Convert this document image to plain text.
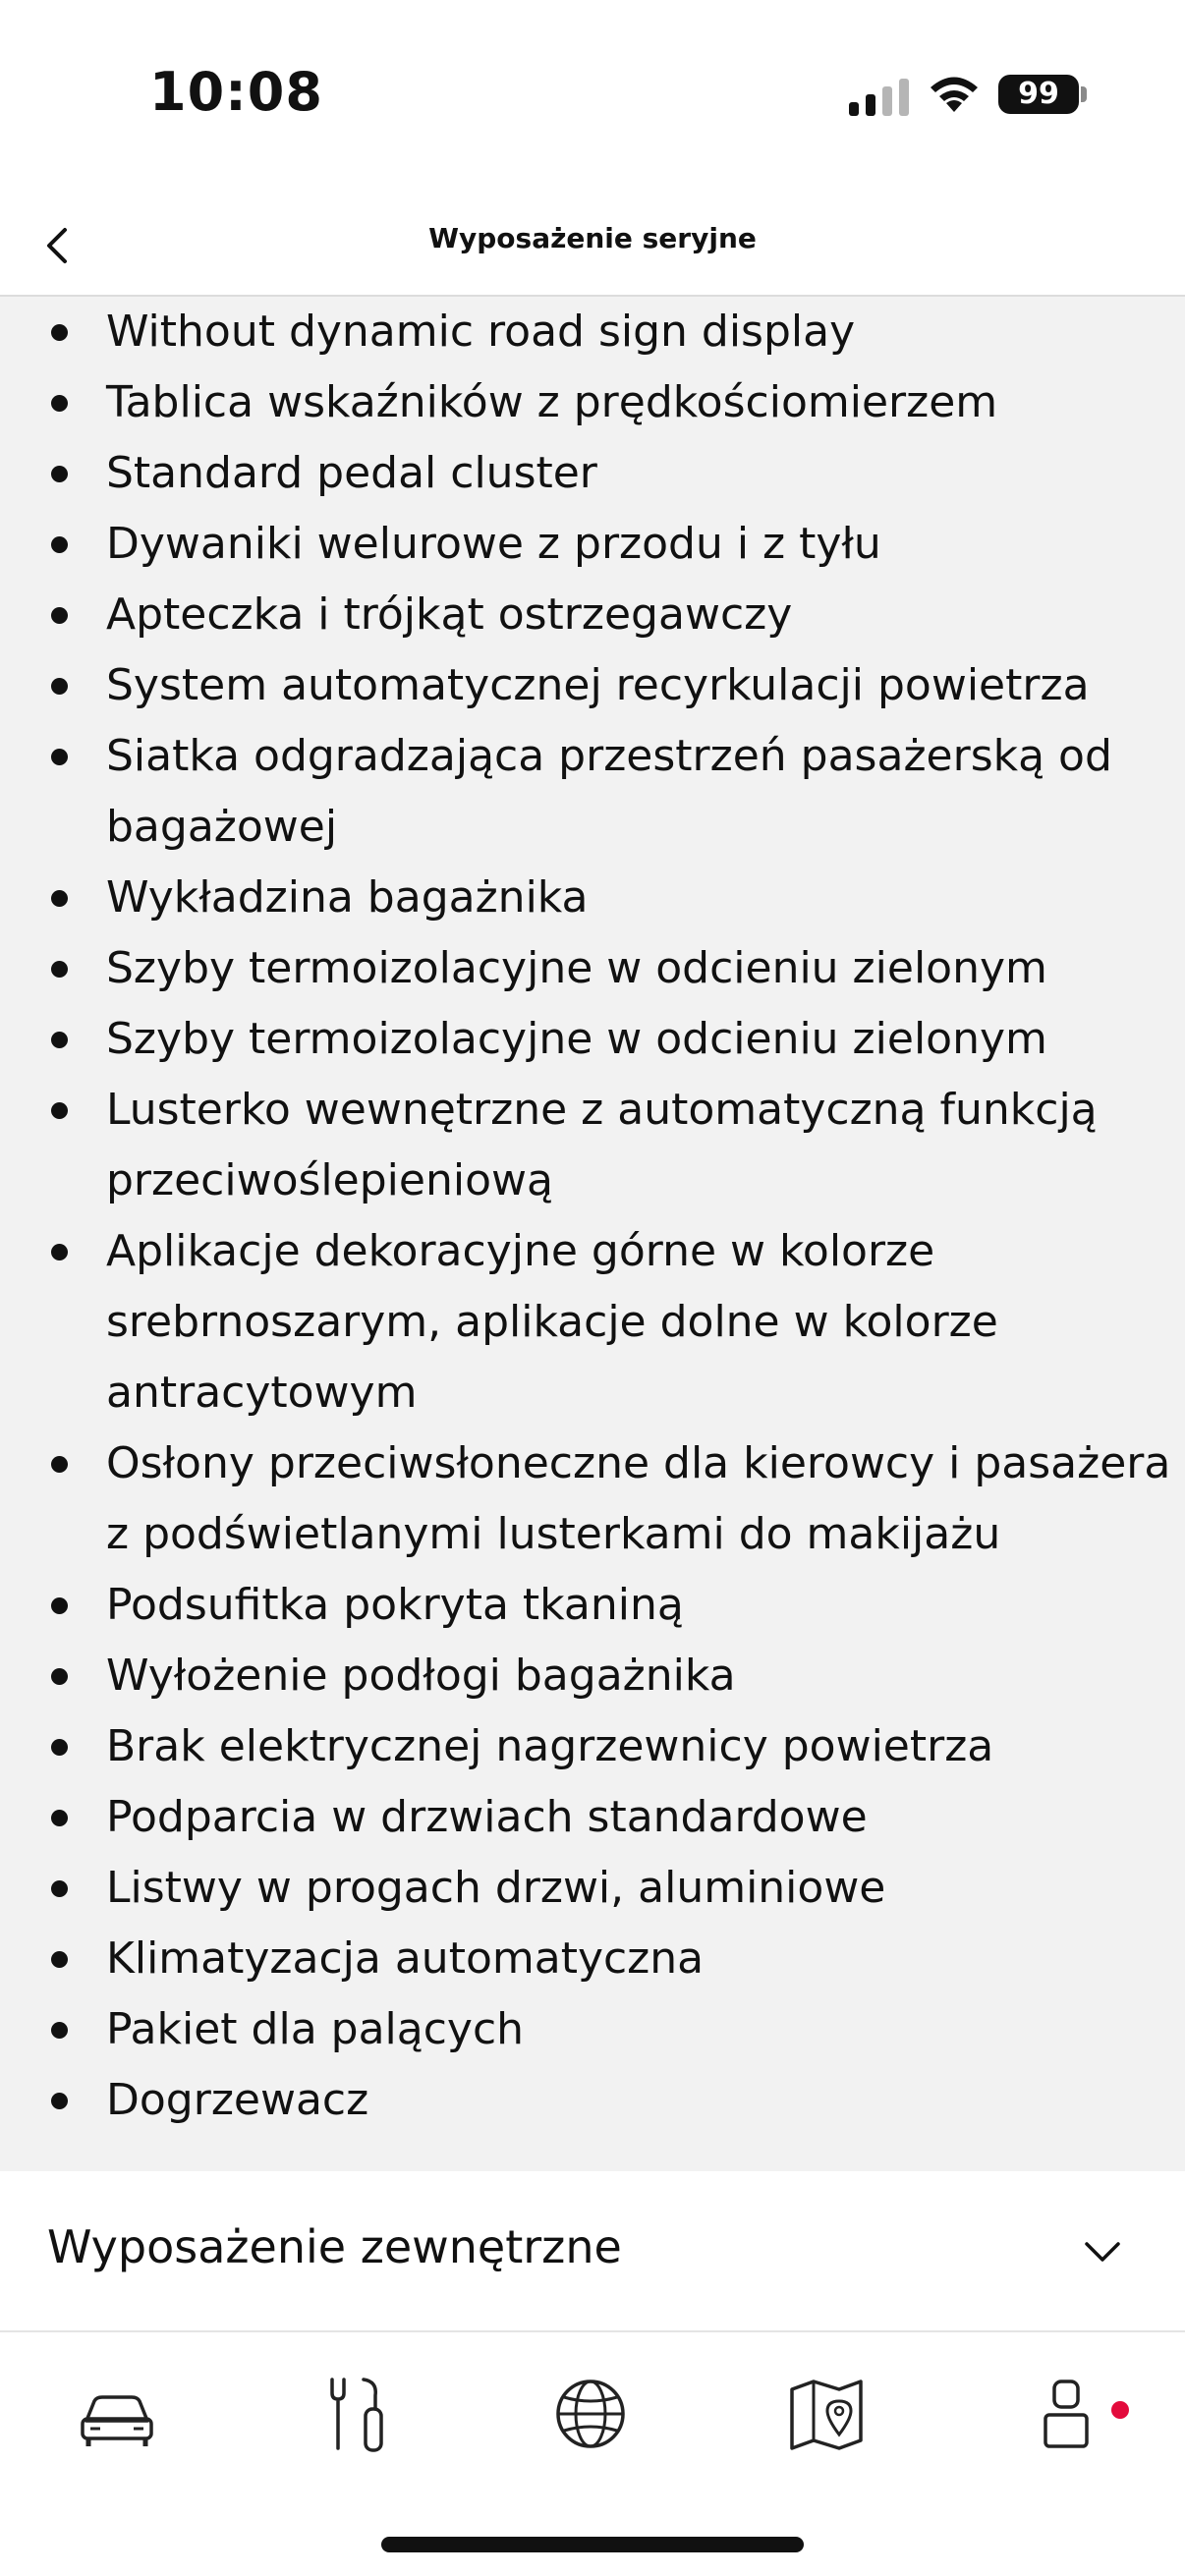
10:08	99
Wyposażenie seryjne
Without dynamic road sign display
Tablica wskaźników z prędkościomierzem
Standard pedal cluster
Dywaniki welurowe z przodu i z tyłu
Apteczka i trójkąt ostrzegawczy
System automatycznej recyrkulacji powietrza
Siatka odgradzająca przestrzeń pasażerską od
bagażowej
Wykładzina bagażnika
Szyby termoizolacyjne w odcieniu zielonym
Szyby termoizolacyjne w odcieniu zielonym
Lusterko wewnętrzne z automatyczną funkcją
przeciwoślepieniową
Aplikacje dekoracyjne górne w kolorze
srebrnoszarym, aplikacje dolne w kolorze
antracytowym
Osłony przeciwsłoneczne dla kierowcy i pasażera
z podświetlanymi lusterkami do makijażu
Podsufitka pokryta tkaniną
Wyłożenie podłogi bagażnika
Brak elektrycznej nagrzewnicy powietrza
Podparcia w drzwiach standardowe
Listwy w progach drzwi, aluminiowe
Klimatyzacja automatyczna
Pakiet dla palących
Dogrzewacz
Wyposażenie zewnętrzne
